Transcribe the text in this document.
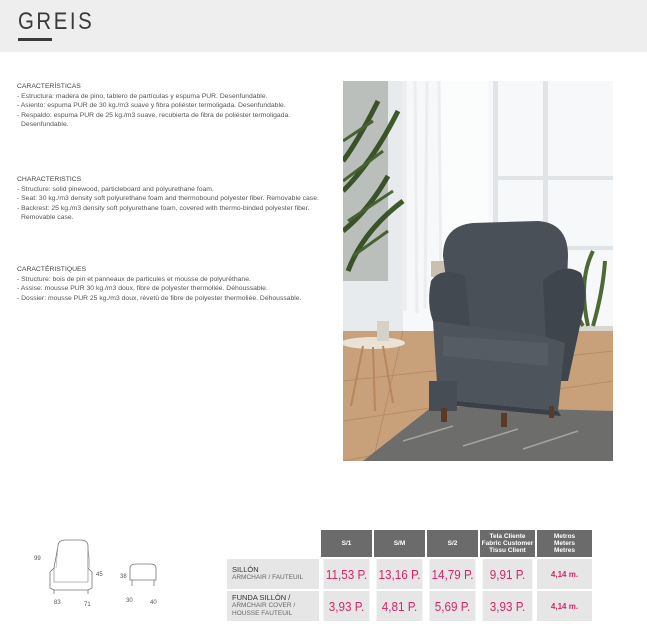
GREIS
CARACTERÍSTICAS
- Estructura: madera de pino, tablero de partículas y espuma PUR. Desenfundable.
- Asiento: espuma PUR de 30 kg./m3 suave y fibra poliéster termoligada. Desenfundable.
- Respaldo: espuma PUR de 25 kg./m3 suave, recubierta de fibra de poliéster termoligada.
Desenfundable.
CHARACTERISTICS
- Structure: solid pinewood, particleboard and polyurethane foam.
- Seat: 30 kg./m3 density soft polyurethane foam and thermobound polyester fiber. Removable case.
- Backrest: 25 kg./m3 density soft polyurethane foam, covered with thermo-binded polyester fiber.
Removable case.
CARACTÉRISTIQUES
- Structure: bois de pin et panneaux de particules et mousse de polyuréthane.
- Assise: mousse PUR 30 kg./m3 doux, fibre de polyester thermoliée. Déhoussable.
- Dossier: mousse PUR 25 kg./m3 doux, révetû de fibre de polyester thermoliée. Déhoussable.
99
45
83	71
38
30	40
	S/1	S/M	S/2	Tela Cliente
Fabric Customer
Tissu Client	Metros
Meters
Metres

SILLÓN
ARMCHAIR / FAUTEUIL	11,53 P.	13,16 P.	14,79 P.	9,91 P.	4,14 m.

FUNDA SILLÓN /
ARMCHAIR COVER /
HOUSSE FAUTEUIL	3,93 P.	4,81 P.	5,69 P.	3,93 P.	4,14 m.
